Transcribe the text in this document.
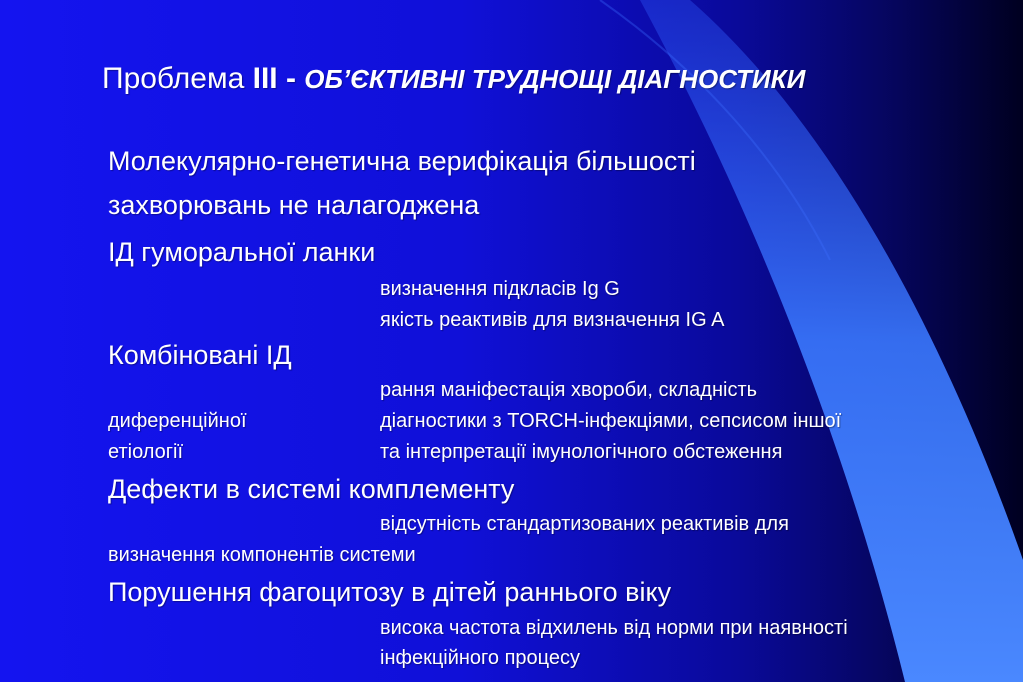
Проблема III - ОБ’ЄКТИВНІ ТРУДНОЩІ ДІАГНОСТИКИ
Молекулярно-генетична верифікація більшості
захворювань не налагоджена
ІД гуморальної ланки
визначення підкласів Ig G
якість реактивів для визначення IG A
Комбіновані ІД
рання маніфестація хвороби, складність
диференційної	діагностики з TORCH-інфекціями, сепсисом іншої
етіології	та інтерпретації імунологічного обстеження
Дефекти в системі комплементу
відсутність стандартизованих реактивів для
визначення компонентів системи
Порушення фагоцитозу в дітей раннього віку
висока частота відхилень від норми при наявності
інфекційного процесу
